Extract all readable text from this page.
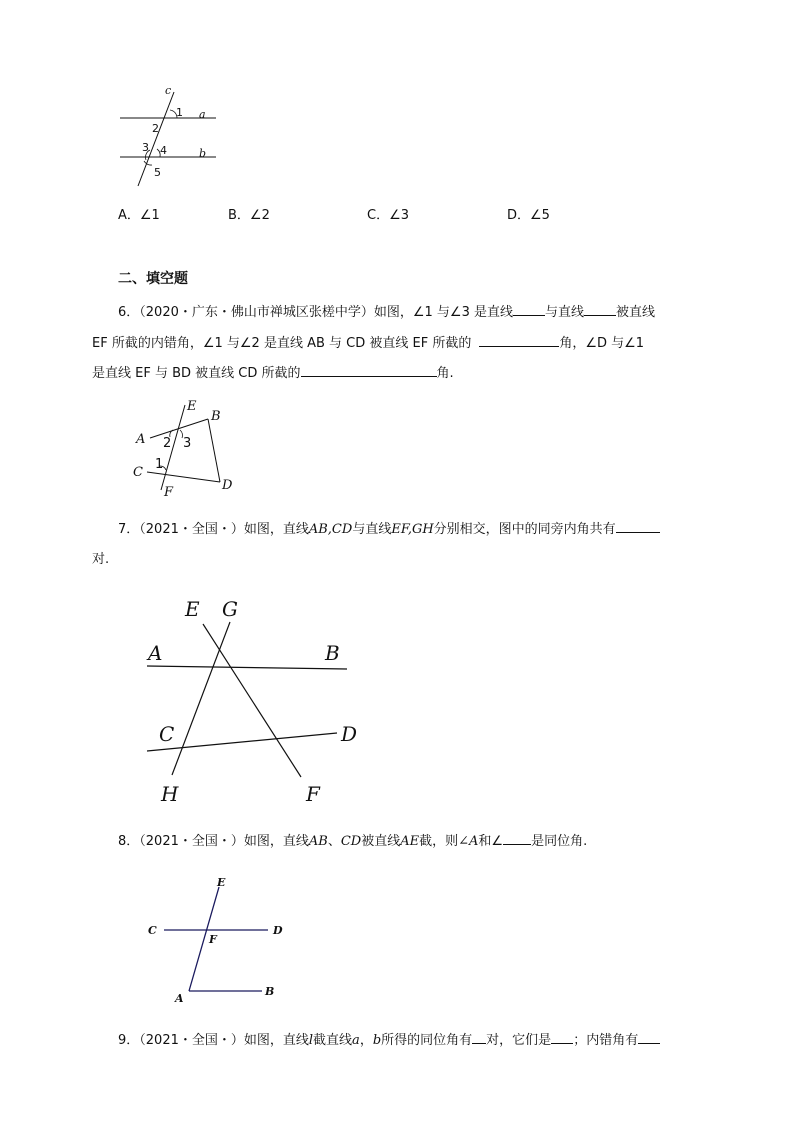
c
1 a
2
3 4	b
5
A．∠1	B．∠2	C．∠3	D．∠5
二、填空题
6．（2020・广东・佛山市禅城区张槎中学）如图，∠1 与∠3 是直线 与直线 被直线
EF 所截的内错角，∠1 与∠2 是直线 AB 与 CD 被直线 EF 所截的	角，∠D 与∠1
是直线 EF 与 BD 被直线 CD 所截的	角.
E
B
A 2 3
C
1
F	D
7．（2021・全国・）如图，直线AB,CD与直线EF,GH分别相交，图中的同旁内角共有
对.
E G
A	B
C	D
H	F
8．（2021・全国・）如图，直线AB、CD被直线AE截，则∠A和∠ 是同位角.
E
C
F
D
A
B
9．（2021・全国・）如图，直线l截直线a，b所得的同位角有 对，它们是 ；内错角有
